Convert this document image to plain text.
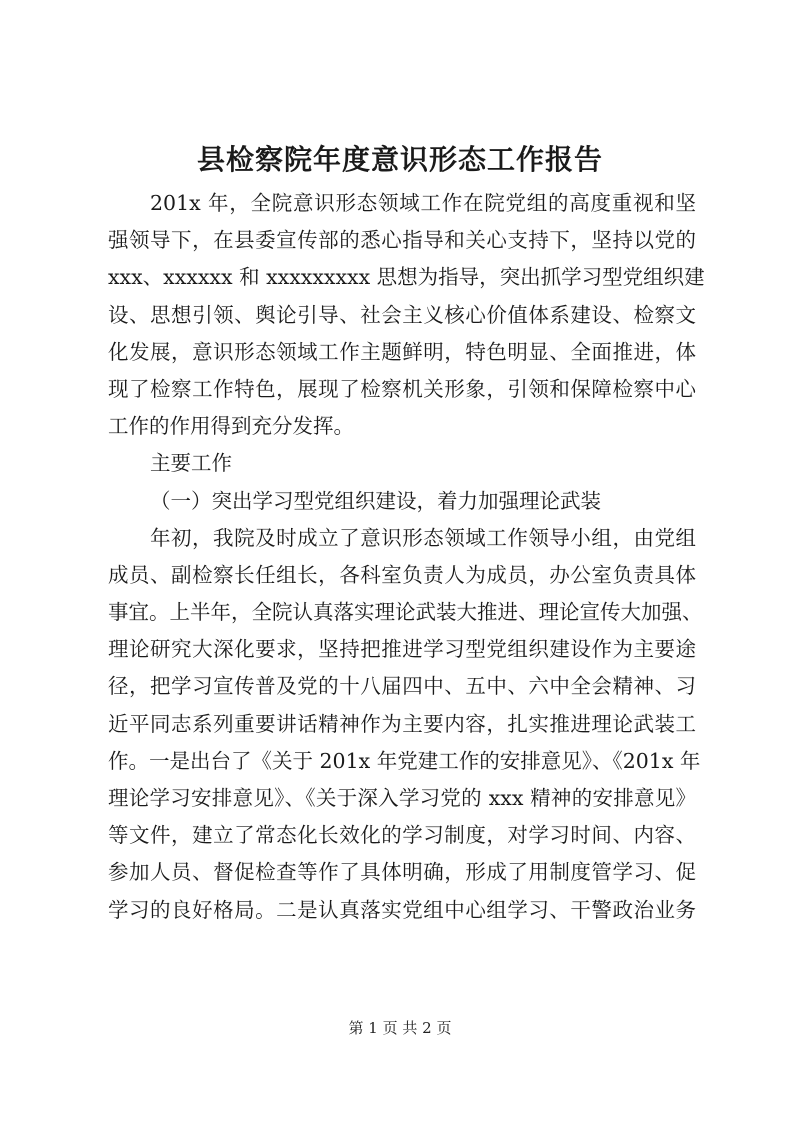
县检察院年度意识形态工作报告
201x 年，全院意识形态领域工作在院党组的高度重视和坚
强领导下，在县委宣传部的悉心指导和关心支持下，坚持以党的
xxx、xxxxxx 和 xxxxxxxxx 思想为指导，突出抓学习型党组织建
设、思想引领、舆论引导、社会主义核心价值体系建设、检察文
化发展，意识形态领域工作主题鲜明，特色明显、全面推进，体
现了检察工作特色，展现了检察机关形象，引领和保障检察中心
工作的作用得到充分发挥。
主要工作
（一）突出学习型党组织建设，着力加强理论武装
年初，我院及时成立了意识形态领域工作领导小组，由党组
成员、副检察长任组长，各科室负责人为成员，办公室负责具体
事宜。上半年，全院认真落实理论武装大推进、理论宣传大加强、
理论研究大深化要求，坚持把推进学习型党组织建设作为主要途
径，把学习宣传普及党的十八届四中、五中、六中全会精神、习
近平同志系列重要讲话精神作为主要内容，扎实推进理论武装工
作。一是出台了《关于 201x 年党建工作的安排意见》、《201x 年
理论学习安排意见》、《关于深入学习党的 xxx 精神的安排意见》
等文件，建立了常态化长效化的学习制度，对学习时间、内容、
参加人员、督促检查等作了具体明确，形成了用制度管学习、促
学习的良好格局。二是认真落实党组中心组学习、干警政治业务
第 1 页 共 2 页
